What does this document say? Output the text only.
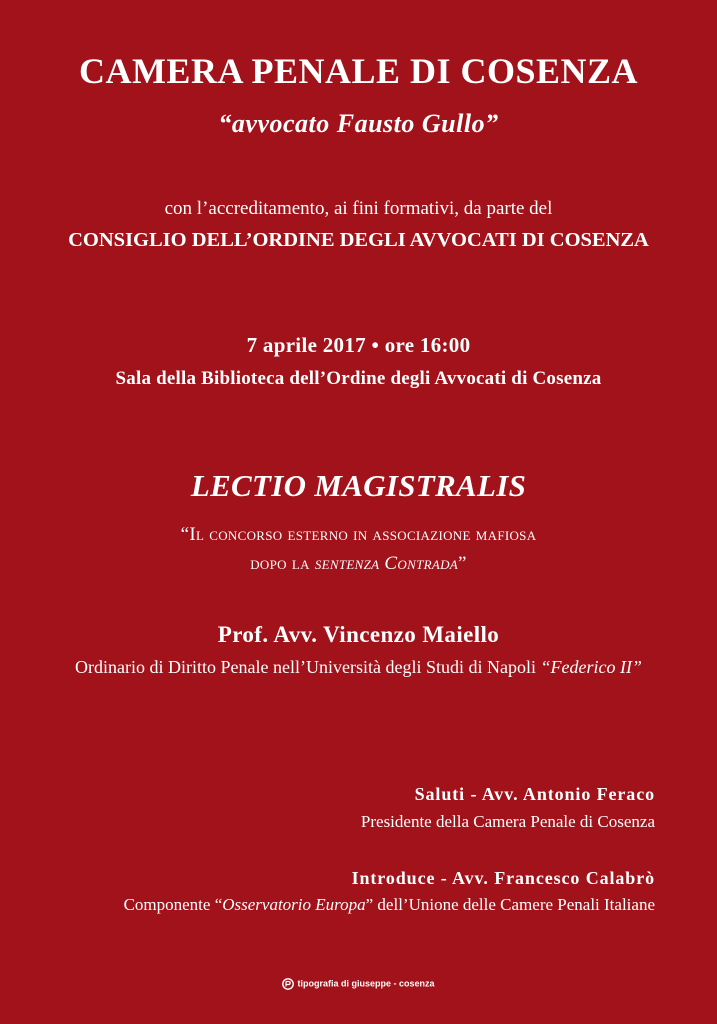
CAMERA PENALE DI COSENZA

“avvocato Fausto Gullo”

con l’accreditamento, ai fini formativi, da parte del

CONSIGLIO DELL’ORDINE DEGLI AVVOCATI DI COSENZA

7 aprile 2017 • ore 16:00

Sala della Biblioteca dell’Ordine degli Avvocati di Cosenza

LECTIO MAGISTRALIS

“Il concorso esterno in associazione mafiosa

dopo la sentenza Contrada”

Prof. Avv. Vincenzo Maiello

Ordinario di Diritto Penale nell’Università degli Studi di Napoli “Federico II”

Saluti - Avv. Antonio Feraco

Presidente della Camera Penale di Cosenza

Introduce - Avv. Francesco Calabrò

Componente “Osservatorio Europa” dell’Unione delle Camere Penali Italiane

tipografia di giuseppe - cosenza
